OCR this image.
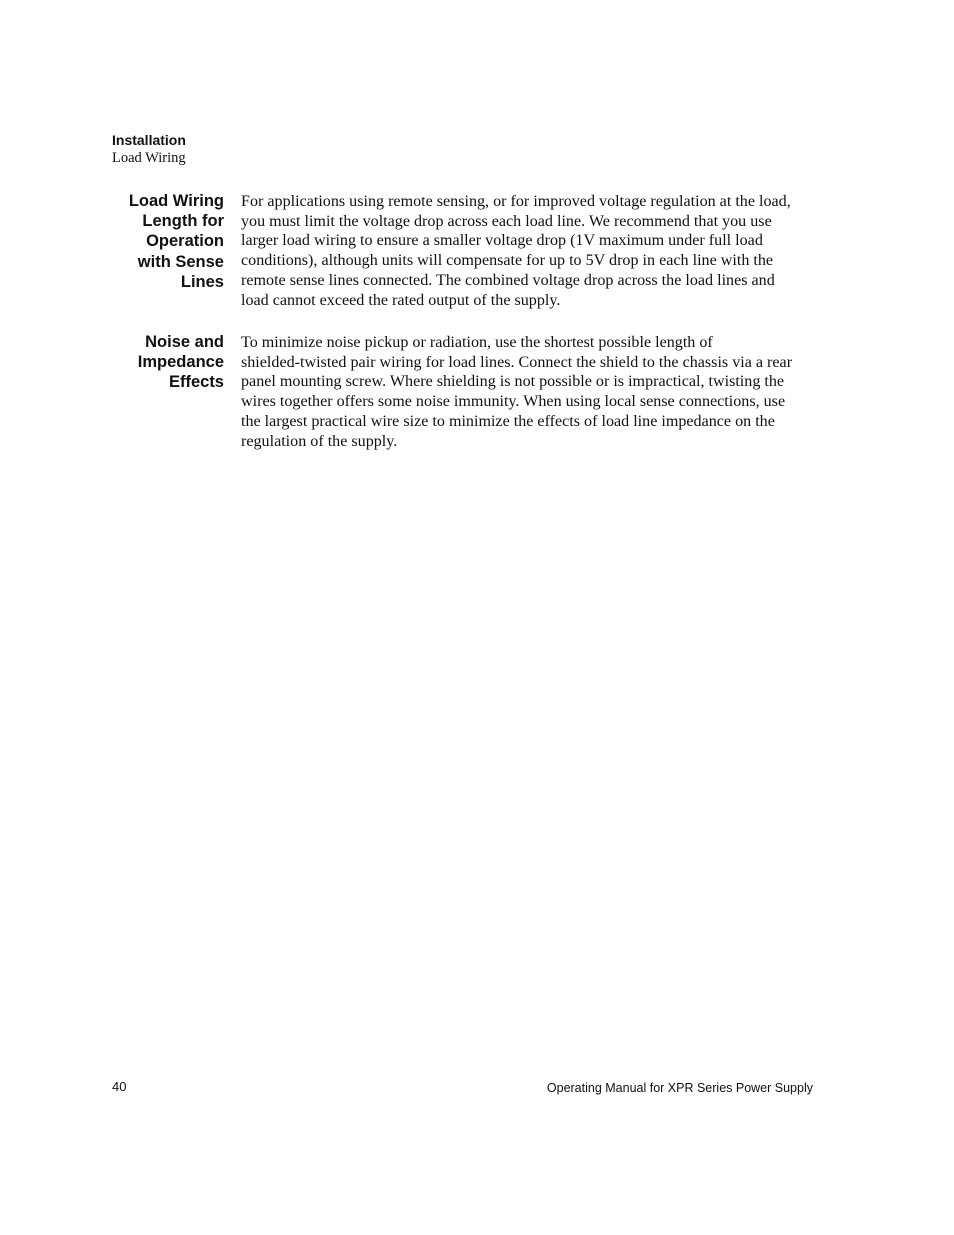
Installation
Load Wiring
Load Wiring
Length for
Operation
with Sense
Lines

For applications using remote sensing, or for improved voltage regulation at the load,
you must limit the voltage drop across each load line. We recommend that you use
larger load wiring to ensure a smaller voltage drop (1V maximum under full load
conditions), although units will compensate for up to 5V drop in each line with the
remote sense lines connected. The combined voltage drop across the load lines and
load cannot exceed the rated output of the supply.

Noise and
Impedance
Effects

To minimize noise pickup or radiation, use the shortest possible length of
shielded-twisted pair wiring for load lines. Connect the shield to the chassis via a rear
panel mounting screw. Where shielding is not possible or is impractical, twisting the
wires together offers some noise immunity. When using local sense connections, use
the largest practical wire size to minimize the effects of load line impedance on the
regulation of the supply.

40	Operating Manual for XPR Series Power Supply
